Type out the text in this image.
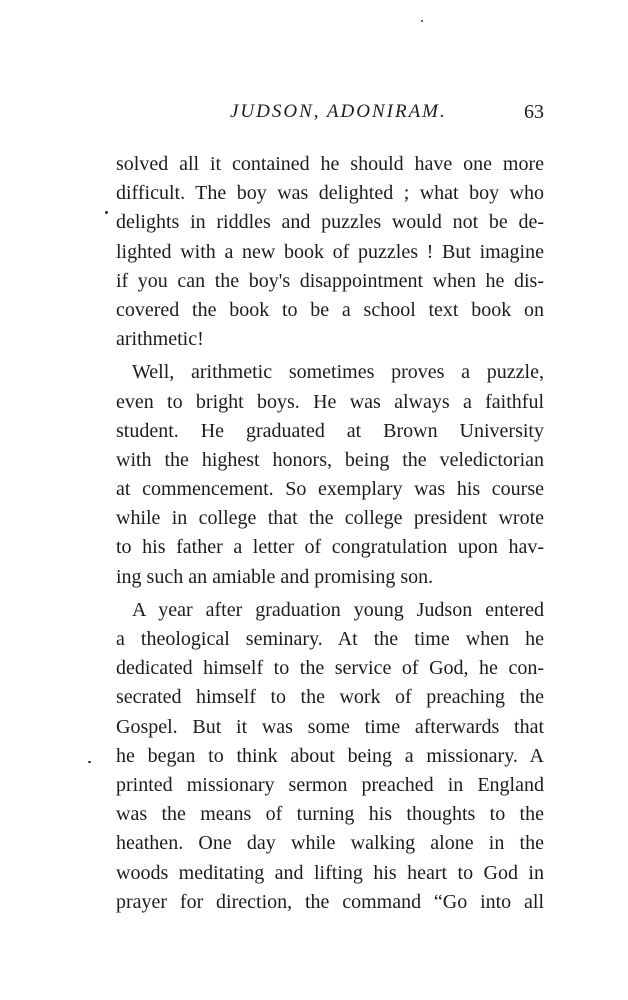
JUDSON, ADONIRAM.	63
solved all it contained he should have one more
difficult. The boy was delighted ; what boy who
delights in riddles and puzzles would not be de-
lighted with a new book of puzzles ! But imagine
if you can the boy's disappointment when he dis-
covered the book to be a school text book on
arithmetic!
Well, arithmetic sometimes proves a puzzle,
even to bright boys. He was always a faithful
student. He graduated at Brown University
with the highest honors, being the veledictorian
at commencement. So exemplary was his course
while in college that the college president wrote
to his father a letter of congratulation upon hav-
ing such an amiable and promising son.
A year after graduation young Judson entered
a theological seminary. At the time when he
dedicated himself to the service of God, he con-
secrated himself to the work of preaching the
Gospel. But it was some time afterwards that
he began to think about being a missionary. A
printed missionary sermon preached in England
was the means of turning his thoughts to the
heathen. One day while walking alone in the
woods meditating and lifting his heart to God in
prayer for direction, the command “Go into all
